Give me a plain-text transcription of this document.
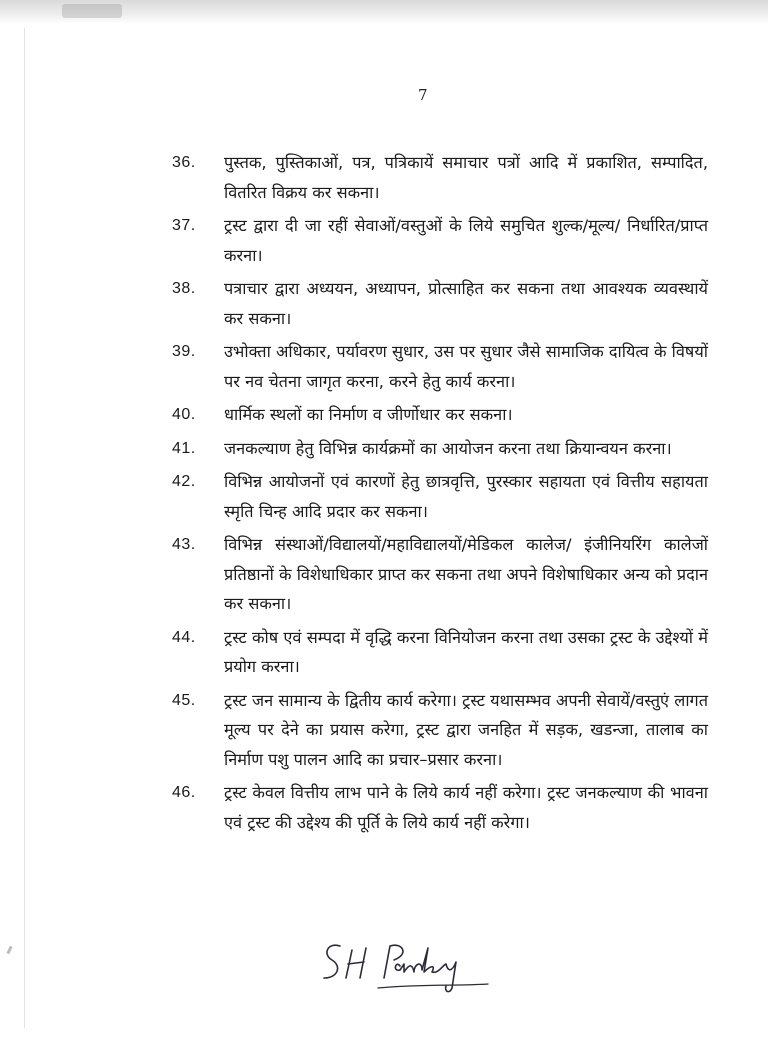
7
36.	पुस्तक, पुस्तिकाओं, पत्र, पत्रिकायें समाचार पत्रों आदि में प्रकाशित, सम्पादित, वितरित विक्रय कर सकना।
37.	ट्रस्ट द्वारा दी जा रहीं सेवाओं/वस्तुओं के लिये समुचित शुल्क/मूल्य/ निर्धारित/प्राप्त करना।
38.	पत्राचार द्वारा अध्ययन, अध्यापन, प्रोत्साहित कर सकना तथा आवश्यक व्यवस्थायें कर सकना।
39.	उभोक्ता अधिकार, पर्यावरण सुधार, उस पर सुधार जैसे सामाजिक दायित्व के विषयों पर नव चेतना जागृत करना, करने हेतु कार्य करना।
40.	धार्मिक स्थलों का निर्माण व जीर्णोधार कर सकना।
41.	जनकल्याण हेतु विभिन्न कार्यक्रमों का आयोजन करना तथा क्रियान्वयन करना।
42.	विभिन्न आयोजनों एवं कारणों हेतु छात्रवृत्ति, पुरस्कार सहायता एवं वित्तीय सहायता स्मृति चिन्ह आदि प्रदार कर सकना।
43.	विभिन्न संस्थाओं/विद्यालयों/महाविद्यालयों/मेडिकल कालेज/ इंजीनियरिंग कालेजों प्रतिष्ठानों के विशेधाधिकार प्राप्त कर सकना तथा अपने विशेषाधिकार अन्य को प्रदान कर सकना।
44.	ट्रस्ट कोष एवं सम्पदा में वृद्धि करना विनियोजन करना तथा उसका ट्रस्ट के उद्देश्यों में प्रयोग करना।
45.	ट्रस्ट जन सामान्य के द्वितीय कार्य करेगा। ट्रस्ट यथासम्भव अपनी सेवायें/वस्तुएं लागत मूल्य पर देने का प्रयास करेगा, ट्रस्ट द्वारा जनहित में सड़क, खडन्जा, तालाब का निर्माण पशु पालन आदि का प्रचार–प्रसार करना।
46.	ट्रस्ट केवल वित्तीय लाभ पाने के लिये कार्य नहीं करेगा। ट्रस्ट जनकल्याण की भावना एवं ट्रस्ट की उद्देश्य की पूर्ति के लिये कार्य नहीं करेगा।
